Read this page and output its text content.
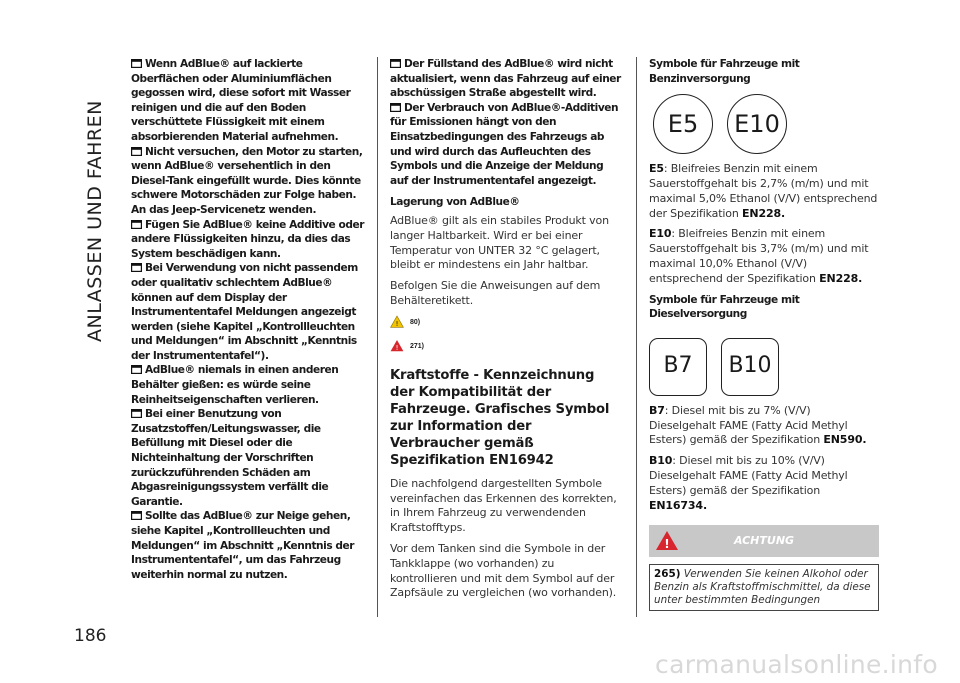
ANLASSEN UND FAHREN
186

Wenn AdBlue® auf lackierte Oberflächen oder Aluminiumflächen gegossen wird, diese sofort mit Wasser reinigen und die auf den Boden verschüttete Flüssigkeit mit einem absorbierenden Material aufnehmen.

Nicht versuchen, den Motor zu starten, wenn AdBlue® versehentlich in den Diesel-Tank eingefüllt wurde. Dies könnte schwere Motorschäden zur Folge haben. An das Jeep-Servicenetz wenden.

Fügen Sie AdBlue® keine Additive oder andere Flüssigkeiten hinzu, da dies das System beschädigen kann.

Bei Verwendung von nicht passendem oder qualitativ schlechtem AdBlue® können auf dem Display der Instrumententafel Meldungen angezeigt werden (siehe Kapitel „Kontrollleuchten und Meldungen“ im Abschnitt „Kenntnis der Instrumententafel“).

AdBlue® niemals in einen anderen Behälter gießen: es würde seine Reinheitseigenschaften verlieren.

Bei einer Benutzung von Zusatzstoffen/Leitungswasser, die Befüllung mit Diesel oder die Nichteinhaltung der Vorschriften zurückzuführenden Schäden am Abgasreinigungssystem verfällt die Garantie.

Sollte das AdBlue® zur Neige gehen, siehe Kapitel „Kontrollleuchten und Meldungen“ im Abschnitt „Kenntnis der Instrumententafel“, um das Fahrzeug weiterhin normal zu nutzen.

Der Füllstand des AdBlue® wird nicht aktualisiert, wenn das Fahrzeug auf einer abschüssigen Straße abgestellt wird.

Der Verbrauch von AdBlue®-Additiven für Emissionen hängt von den Einsatzbedingungen des Fahrzeugs ab und wird durch das Aufleuchten des Symbols und die Anzeige der Meldung auf der Instrumententafel angezeigt.

Lagerung von AdBlue®

AdBlue® gilt als ein stabiles Produkt von langer Haltbarkeit. Wird er bei einer Temperatur von UNTER 32 °C gelagert, bleibt er mindestens ein Jahr haltbar.

Befolgen Sie die Anweisungen auf dem Behälteretikett.

! 80)
! 271)
Kraftstoffe - Kennzeichnung der Kompatibilität der Fahrzeuge. Grafisches Symbol zur Information der Verbraucher gemäß Spezifikation EN16942

Die nachfolgend dargestellten Symbole vereinfachen das Erkennen des korrekten, in Ihrem Fahrzeug zu verwendenden Kraftstofftyps.

Vor dem Tanken sind die Symbole in der Tankklappe (wo vorhanden) zu kontrollieren und mit dem Symbol auf der Zapfsäule zu vergleichen (wo vorhanden).

Symbole für Fahrzeuge mit Benzinversorgung
E5	E10

E5: Bleifreies Benzin mit einem Sauerstoffgehalt bis 2,7% (m/m) und mit maximal 5,0% Ethanol (V/V) entsprechend der Spezifikation EN228.

E10: Bleifreies Benzin mit einem Sauerstoffgehalt bis 3,7% (m/m) und mit maximal 10,0% Ethanol (V/V) entsprechend der Spezifikation EN228.

Symbole für Fahrzeuge mit Dieselversorgung
B7	B10

B7: Diesel mit bis zu 7% (V/V) Dieselgehalt FAME (Fatty Acid Methyl Esters) gemäß der Spezifikation EN590.

B10: Diesel mit bis zu 10% (V/V) Dieselgehalt FAME (Fatty Acid Methyl Esters) gemäß der Spezifikation EN16734.

!	ACHTUNG
265) Verwenden Sie keinen Alkohol oder Benzin als Kraftstoffmischmittel, da diese unter bestimmten Bedingungen
carmanualsonline.info
